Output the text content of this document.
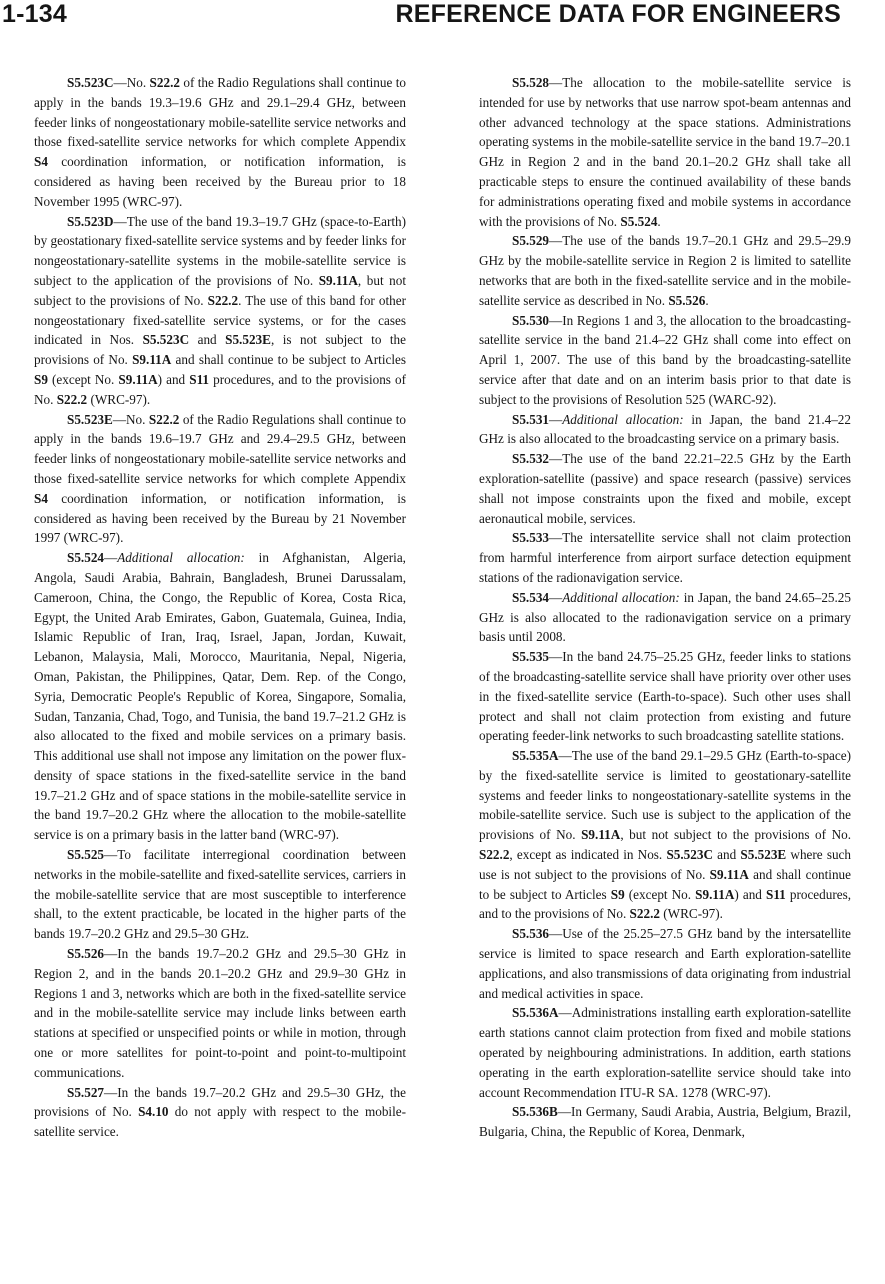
1-134	REFERENCE DATA FOR ENGINEERS

S5.523C—No. S22.2 of the Radio Regulations shall continue to apply in the bands 19.3–19.6 GHz and 29.1–29.4 GHz, between feeder links of nongeostationary mobile-satellite service networks and those fixed-satellite service networks for which complete Appendix S4 coordination information, or notification information, is considered as having been received by the Bureau prior to 18 November 1995 (WRC-97).

S5.523D—The use of the band 19.3–19.7 GHz (space-to-Earth) by geostationary fixed-satellite service systems and by feeder links for nongeostationary-satellite systems in the mobile-satellite service is subject to the application of the provisions of No. S9.11A, but not subject to the provisions of No. S22.2. The use of this band for other nongeostationary fixed-satellite service systems, or for the cases indicated in Nos. S5.523C and S5.523E, is not subject to the provisions of No. S9.11A and shall continue to be subject to Articles S9 (except No. S9.11A) and S11 procedures, and to the provisions of No. S22.2 (WRC-97).

S5.523E—No. S22.2 of the Radio Regulations shall continue to apply in the bands 19.6–19.7 GHz and 29.4–29.5 GHz, between feeder links of nongeostationary mobile-satellite service networks and those fixed-satellite service networks for which complete Appendix S4 coordination information, or notification information, is considered as having been received by the Bureau by 21 November 1997 (WRC-97).

S5.524—Additional allocation: in Afghanistan, Algeria, Angola, Saudi Arabia, Bahrain, Bangladesh, Brunei Darussalam, Cameroon, China, the Congo, the Republic of Korea, Costa Rica, Egypt, the United Arab Emirates, Gabon, Guatemala, Guinea, India, Islamic Republic of Iran, Iraq, Israel, Japan, Jordan, Kuwait, Lebanon, Malaysia, Mali, Morocco, Mauritania, Nepal, Nigeria, Oman, Pakistan, the Philippines, Qatar, Dem. Rep. of the Congo, Syria, Democratic People's Republic of Korea, Singapore, Somalia, Sudan, Tanzania, Chad, Togo, and Tunisia, the band 19.7–21.2 GHz is also allocated to the fixed and mobile services on a primary basis. This additional use shall not impose any limitation on the power flux-density of space stations in the fixed-satellite service in the band 19.7–21.2 GHz and of space stations in the mobile-satellite service in the band 19.7–20.2 GHz where the allocation to the mobile-satellite service is on a primary basis in the latter band (WRC-97).

S5.525—To facilitate interregional coordination between networks in the mobile-satellite and fixed-satellite services, carriers in the mobile-satellite service that are most susceptible to interference shall, to the extent practicable, be located in the higher parts of the bands 19.7–20.2 GHz and 29.5–30 GHz.

S5.526—In the bands 19.7–20.2 GHz and 29.5–30 GHz in Region 2, and in the bands 20.1–20.2 GHz and 29.9–30 GHz in Regions 1 and 3, networks which are both in the fixed-satellite service and in the mobile-satellite service may include links between earth stations at specified or unspecified points or while in motion, through one or more satellites for point-to-point and point-to-multipoint communications.

S5.527—In the bands 19.7–20.2 GHz and 29.5–30 GHz, the provisions of No. S4.10 do not apply with respect to the mobile-satellite service.

S5.528—The allocation to the mobile-satellite service is intended for use by networks that use narrow spot-beam antennas and other advanced technology at the space stations. Administrations operating systems in the mobile-satellite service in the band 19.7–20.1 GHz in Region 2 and in the band 20.1–20.2 GHz shall take all practicable steps to ensure the continued availability of these bands for administrations operating fixed and mobile systems in accordance with the provisions of No. S5.524.

S5.529—The use of the bands 19.7–20.1 GHz and 29.5–29.9 GHz by the mobile-satellite service in Region 2 is limited to satellite networks that are both in the fixed-satellite service and in the mobile-satellite service as described in No. S5.526.

S5.530—In Regions 1 and 3, the allocation to the broadcasting-satellite service in the band 21.4–22 GHz shall come into effect on April 1, 2007. The use of this band by the broadcasting-satellite service after that date and on an interim basis prior to that date is subject to the provisions of Resolution 525 (WARC-92).

S5.531—Additional allocation: in Japan, the band 21.4–22 GHz is also allocated to the broadcasting service on a primary basis.

S5.532—The use of the band 22.21–22.5 GHz by the Earth exploration-satellite (passive) and space research (passive) services shall not impose constraints upon the fixed and mobile, except aeronautical mobile, services.

S5.533—The intersatellite service shall not claim protection from harmful interference from airport surface detection equipment stations of the radionavigation service.

S5.534—Additional allocation: in Japan, the band 24.65–25.25 GHz is also allocated to the radionavigation service on a primary basis until 2008.

S5.535—In the band 24.75–25.25 GHz, feeder links to stations of the broadcasting-satellite service shall have priority over other uses in the fixed-satellite service (Earth-to-space). Such other uses shall protect and shall not claim protection from existing and future operating feeder-link networks to such broadcasting satellite stations.

S5.535A—The use of the band 29.1–29.5 GHz (Earth-to-space) by the fixed-satellite service is limited to geostationary-satellite systems and feeder links to nongeostationary-satellite systems in the mobile-satellite service. Such use is subject to the application of the provisions of No. S9.11A, but not subject to the provisions of No. S22.2, except as indicated in Nos. S5.523C and S5.523E where such use is not subject to the provisions of No. S9.11A and shall continue to be subject to Articles S9 (except No. S9.11A) and S11 procedures, and to the provisions of No. S22.2 (WRC-97).

S5.536—Use of the 25.25–27.5 GHz band by the intersatellite service is limited to space research and Earth exploration-satellite applications, and also transmissions of data originating from industrial and medical activities in space.

S5.536A—Administrations installing earth exploration-satellite earth stations cannot claim protection from fixed and mobile stations operated by neighbouring administrations. In addition, earth stations operating in the earth exploration-satellite service should take into account Recommendation ITU-R SA. 1278 (WRC-97).

S5.536B—In Germany, Saudi Arabia, Austria, Belgium, Brazil, Bulgaria, China, the Republic of Korea, Denmark,
